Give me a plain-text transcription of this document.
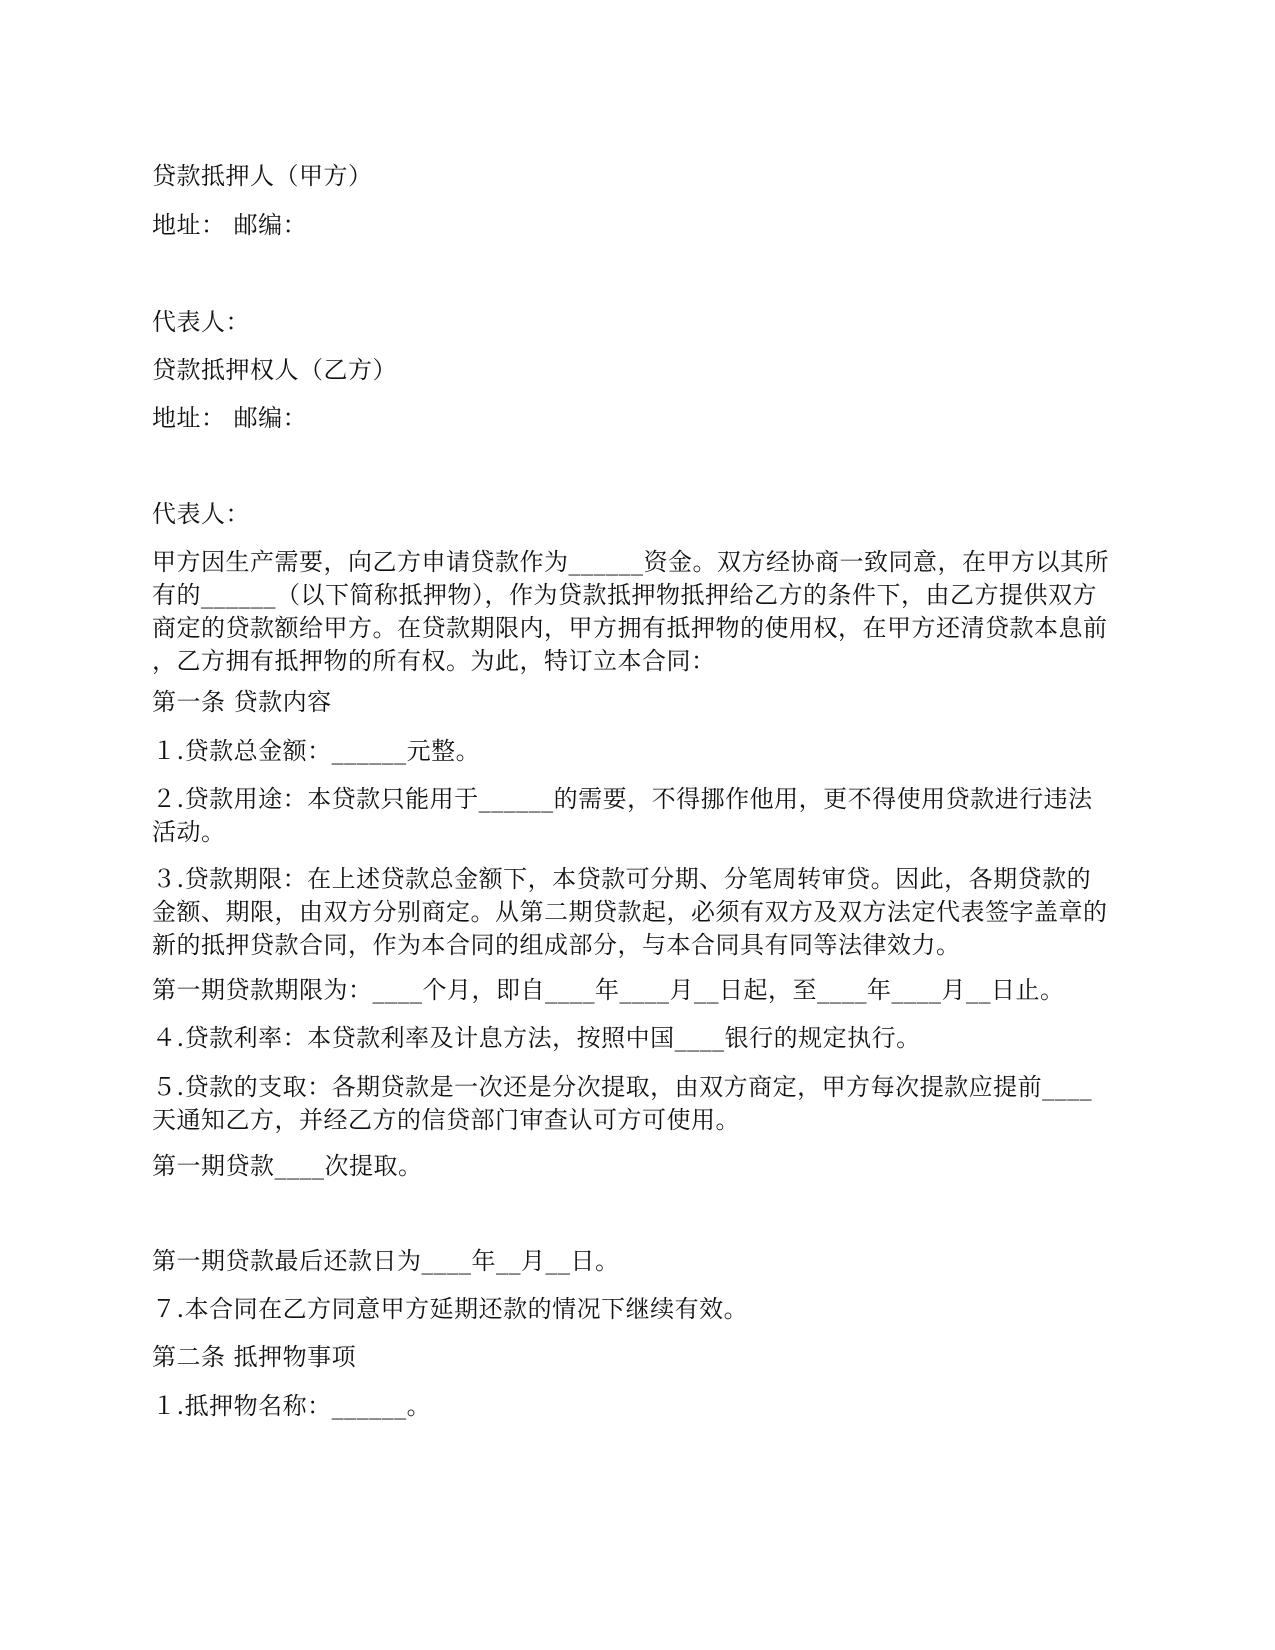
贷款抵押人（甲方）
地址： 邮编：
代表人：
贷款抵押权人（乙方）
地址： 邮编：
代表人：
甲方因生产需要，向乙方申请贷款作为______资金。双方经协商一致同意，在甲方以其所
有的______（以下简称抵押物），作为贷款抵押物抵押给乙方的条件下，由乙方提供双方
商定的贷款额给甲方。在贷款期限内，甲方拥有抵押物的使用权，在甲方还清贷款本息前
，乙方拥有抵押物的所有权。为此，特订立本合同：
第一条 贷款内容
１.贷款总金额：______元整。
２.贷款用途：本贷款只能用于______的需要，不得挪作他用，更不得使用贷款进行违法
活动。
３.贷款期限：在上述贷款总金额下，本贷款可分期、分笔周转审贷。因此，各期贷款的
金额、期限，由双方分别商定。从第二期贷款起，必须有双方及双方法定代表签字盖章的
新的抵押贷款合同，作为本合同的组成部分，与本合同具有同等法律效力。
第一期贷款期限为：____个月，即自____年____月__日起，至____年____月__日止。
４.贷款利率：本贷款利率及计息方法，按照中国____银行的规定执行。
５.贷款的支取：各期贷款是一次还是分次提取，由双方商定，甲方每次提款应提前____
天通知乙方，并经乙方的信贷部门审查认可方可使用。
第一期贷款____次提取。
第一期贷款最后还款日为____年__月__日。
７.本合同在乙方同意甲方延期还款的情况下继续有效。
第二条 抵押物事项
１.抵押物名称：______。
